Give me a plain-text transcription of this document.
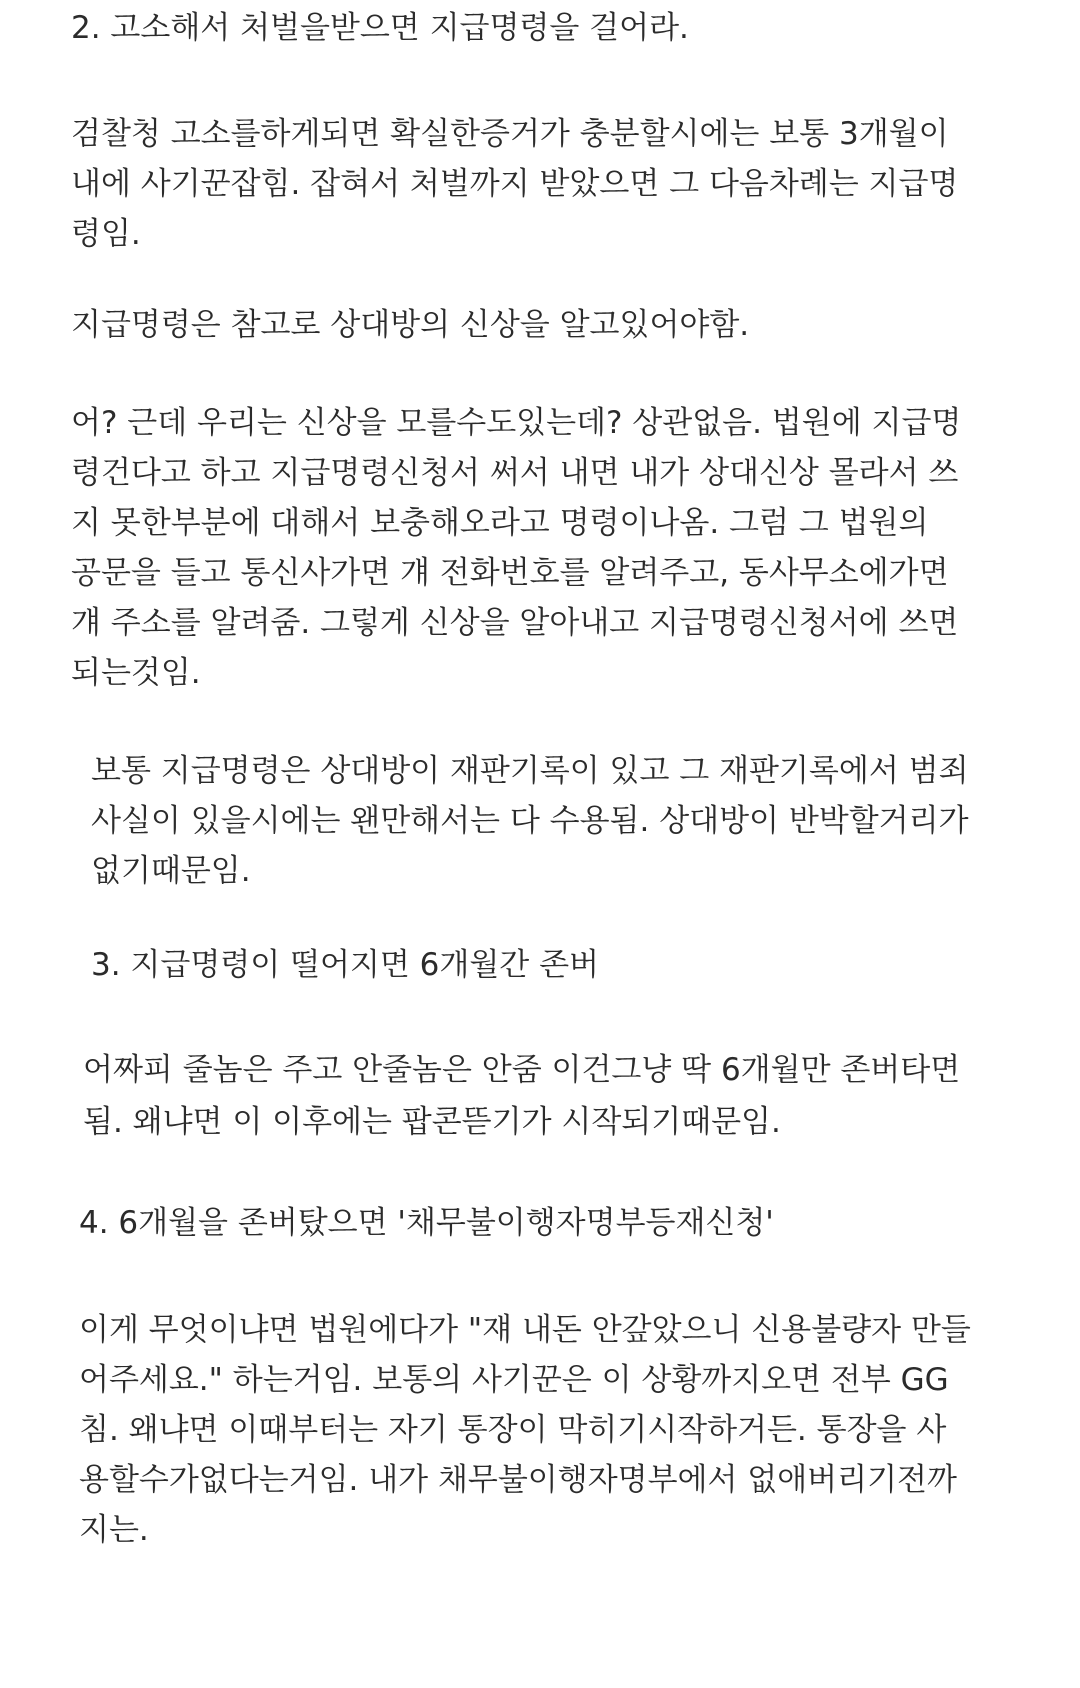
2. 고소해서 처벌을받으면 지급명령을 걸어라.
검찰청 고소를하게되면 확실한증거가 충분할시에는 보통 3개월이
내에 사기꾼잡힘. 잡혀서 처벌까지 받았으면 그 다음차례는 지급명
령임.
지급명령은 참고로 상대방의 신상을 알고있어야함.
어? 근데 우리는 신상을 모를수도있는데? 상관없음. 법원에 지급명
령건다고 하고 지급명령신청서 써서 내면 내가 상대신상 몰라서 쓰
지 못한부분에 대해서 보충해오라고 명령이나옴. 그럼 그 법원의
공문을 들고 통신사가면 걔 전화번호를 알려주고, 동사무소에가면
걔 주소를 알려줌. 그렇게 신상을 알아내고 지급명령신청서에 쓰면
되는것임.
보통 지급명령은 상대방이 재판기록이 있고 그 재판기록에서 범죄
사실이 있을시에는 왠만해서는 다 수용됨. 상대방이 반박할거리가
없기때문임.
3. 지급명령이 떨어지면 6개월간 존버
어짜피 줄놈은 주고 안줄놈은 안줌 이건그냥 딱 6개월만 존버타면
됨. 왜냐면 이 이후에는 팝콘뜯기가 시작되기때문임.
4. 6개월을 존버탔으면 '채무불이행자명부등재신청'
이게 무엇이냐면 법원에다가 "쟤 내돈 안갚았으니 신용불량자 만들
어주세요." 하는거임. 보통의 사기꾼은 이 상황까지오면 전부 GG
침. 왜냐면 이때부터는 자기 통장이 막히기시작하거든. 통장을 사
용할수가없다는거임. 내가 채무불이행자명부에서 없애버리기전까
지는.
